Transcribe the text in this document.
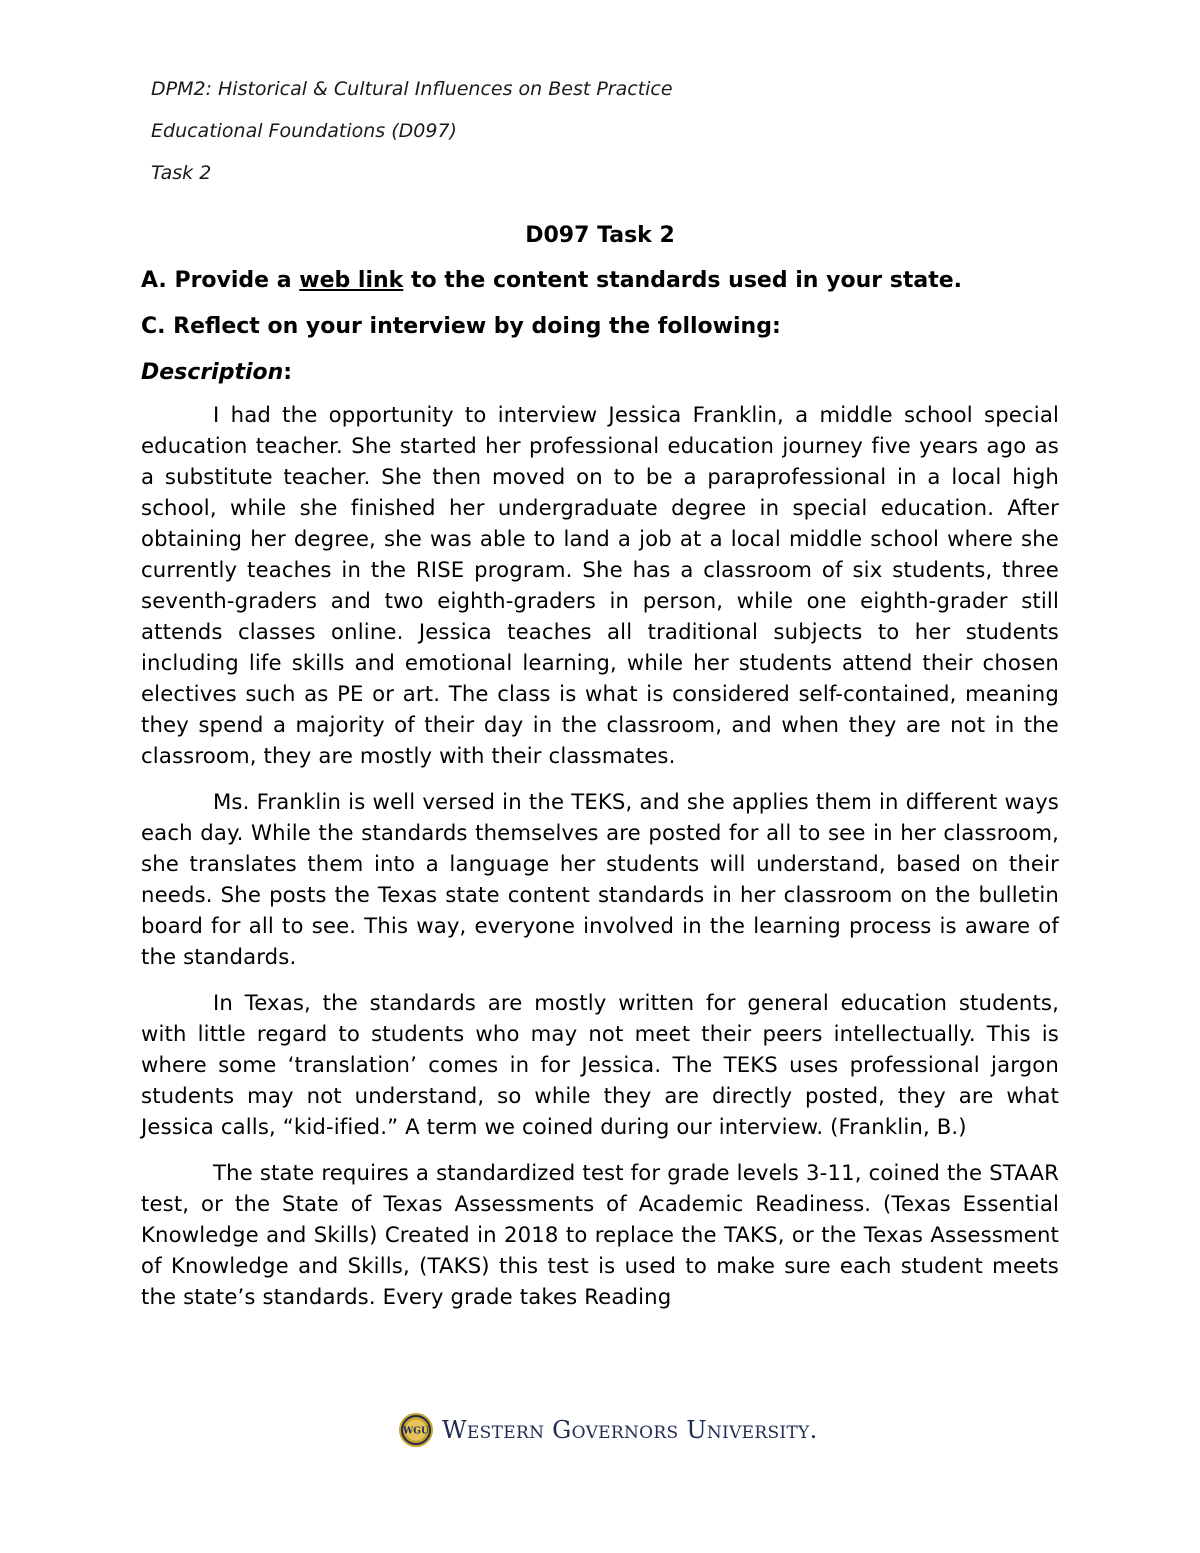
DPM2: Historical & Cultural Influences on Best Practice

Educational Foundations (D097)

Task 2

D097 Task 2

A. Provide a web link to the content standards used in your state.

C. Reflect on your interview by doing the following:

Description:

I had the opportunity to interview Jessica Franklin, a middle school special education teacher. She started her professional education journey five years ago as a substitute teacher. She then moved on to be a paraprofessional in a local high school, while she finished her undergraduate degree in special education. After obtaining her degree, she was able to land a job at a local middle school where she currently teaches in the RISE program. She has a classroom of six students, three seventh-graders and two eighth-graders in person, while one eighth-grader still attends classes online. Jessica teaches all traditional subjects to her students including life skills and emotional learning, while her students attend their chosen electives such as PE or art. The class is what is considered self-contained, meaning they spend a majority of their day in the classroom, and when they are not in the classroom, they are mostly with their classmates.

Ms. Franklin is well versed in the TEKS, and she applies them in different ways each day. While the standards themselves are posted for all to see in her classroom, she translates them into a language her students will understand, based on their needs. She posts the Texas state content standards in her classroom on the bulletin board for all to see. This way, everyone involved in the learning process is aware of the standards.

In Texas, the standards are mostly written for general education students, with little regard to students who may not meet their peers intellectually. This is where some ‘translation’ comes in for Jessica. The TEKS uses professional jargon students may not understand, so while they are directly posted, they are what Jessica calls, “kid-ified.” A term we coined during our interview. (Franklin, B.)

The state requires a standardized test for grade levels 3-11, coined the STAAR test, or the State of Texas Assessments of Academic Readiness. (Texas Essential Knowledge and Skills) Created in 2018 to replace the TAKS, or the Texas Assessment of Knowledge and Skills, (TAKS) this test is used to make sure each student meets the state’s standards. Every grade takes Reading

WGU Western Governors University.
